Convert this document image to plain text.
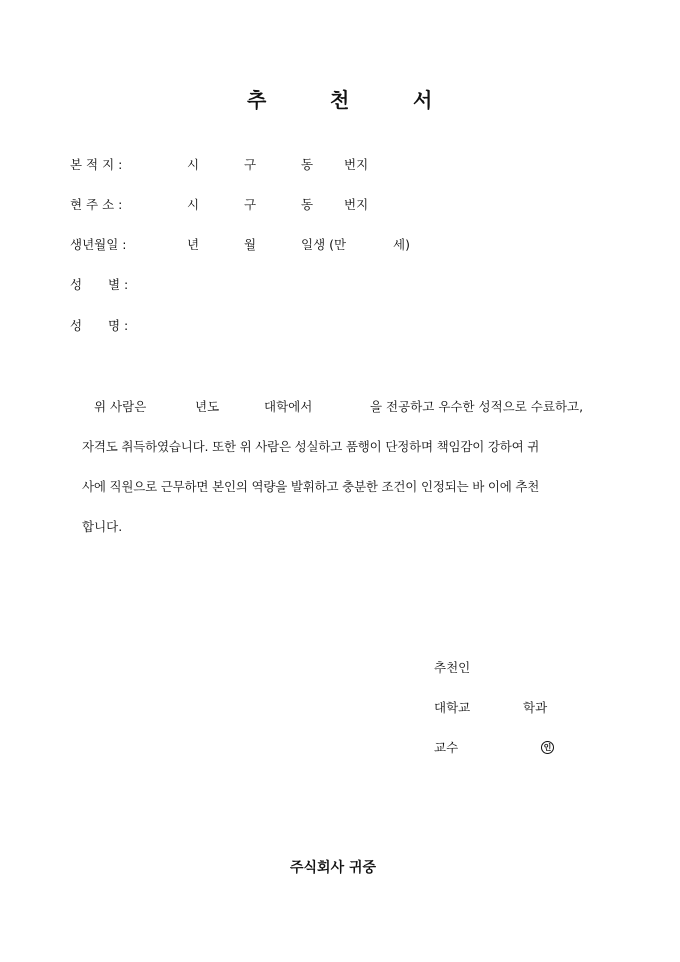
추	천	서
본 적 지 :	시	구	동 번지
현 주 소 :	시	구	동 번지
생년월일 :	년	월	일생 (만	세)
성 별 :
성 명 :
위 사람은	년도	대학에서	을 전공하고 우수한 성적으로 수료하고,
자격도 취득하였습니다. 또한 위 사람은 성실하고 품행이 단정하며 책임감이 강하여 귀
사에 직원으로 근무하면 본인의 역량을 발휘하고 충분한 조건이 인정되는 바 이에 추천
합니다.
추천인
대학교	학과
교수	인
주식회사 귀중
